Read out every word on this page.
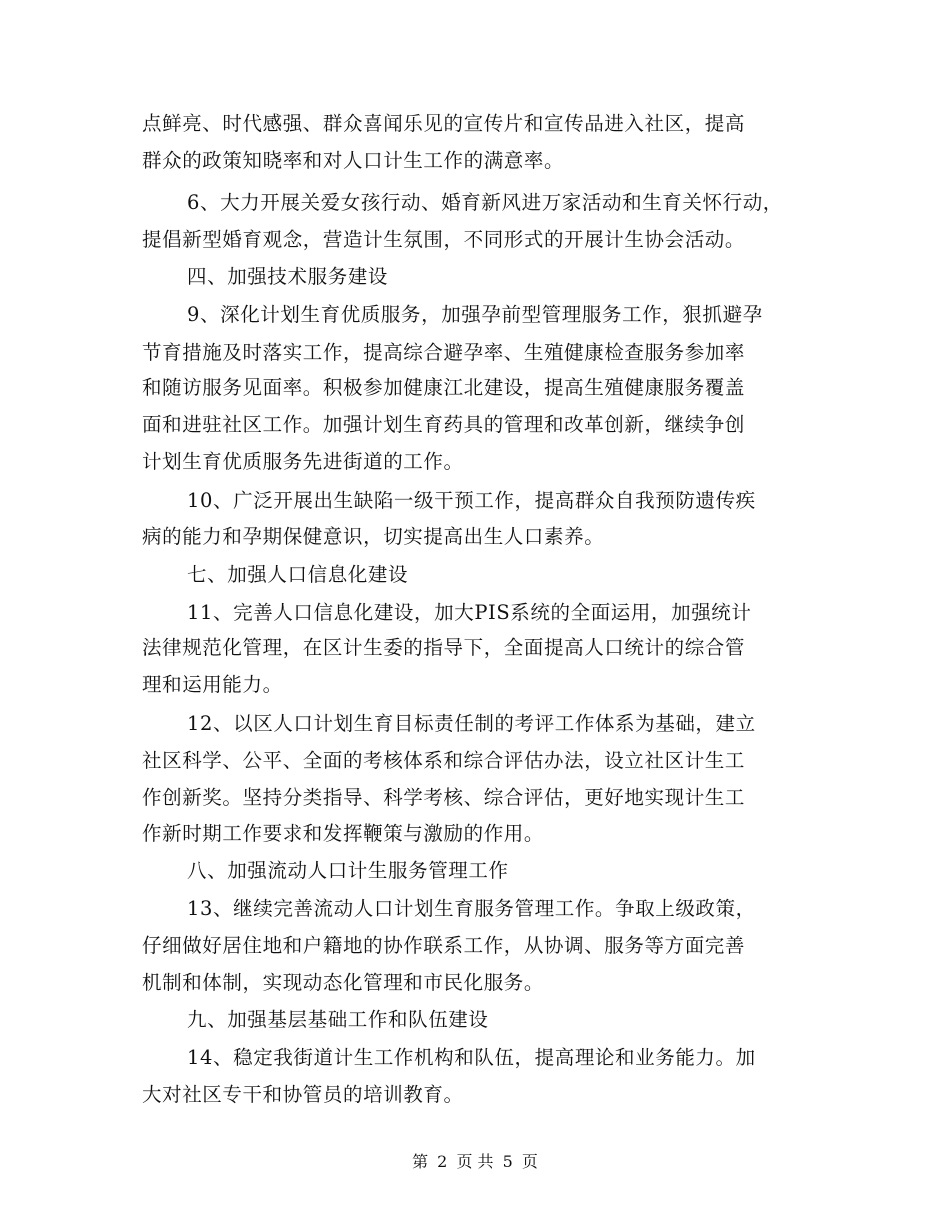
点鲜亮、时代感强、群众喜闻乐见的宣传片和宣传品进入社区，提高
群众的政策知晓率和对人口计生工作的满意率。
6、大力开展关爱女孩行动、婚育新风进万家活动和生育关怀行动，
提倡新型婚育观念，营造计生氛围，不同形式的开展计生协会活动。
四、加强技术服务建设
9、深化计划生育优质服务，加强孕前型管理服务工作，狠抓避孕
节育措施及时落实工作，提高综合避孕率、生殖健康检查服务参加率
和随访服务见面率。积极参加健康江北建设，提高生殖健康服务覆盖
面和进驻社区工作。加强计划生育药具的管理和改革创新，继续争创
计划生育优质服务先进街道的工作。
10、广泛开展出生缺陷一级干预工作，提高群众自我预防遗传疾
病的能力和孕期保健意识，切实提高出生人口素养。
七、加强人口信息化建设
11、完善人口信息化建设，加大PIS系统的全面运用，加强统计
法律规范化管理，在区计生委的指导下，全面提高人口统计的综合管
理和运用能力。
12、以区人口计划生育目标责任制的考评工作体系为基础，建立
社区科学、公平、全面的考核体系和综合评估办法，设立社区计生工
作创新奖。坚持分类指导、科学考核、综合评估，更好地实现计生工
作新时期工作要求和发挥鞭策与激励的作用。
八、加强流动人口计生服务管理工作
13、继续完善流动人口计划生育服务管理工作。争取上级政策，
仔细做好居住地和户籍地的协作联系工作，从协调、服务等方面完善
机制和体制，实现动态化管理和市民化服务。
九、加强基层基础工作和队伍建设
14、稳定我街道计生工作机构和队伍，提高理论和业务能力。加
大对社区专干和协管员的培训教育。
第 2 页 共 5 页
